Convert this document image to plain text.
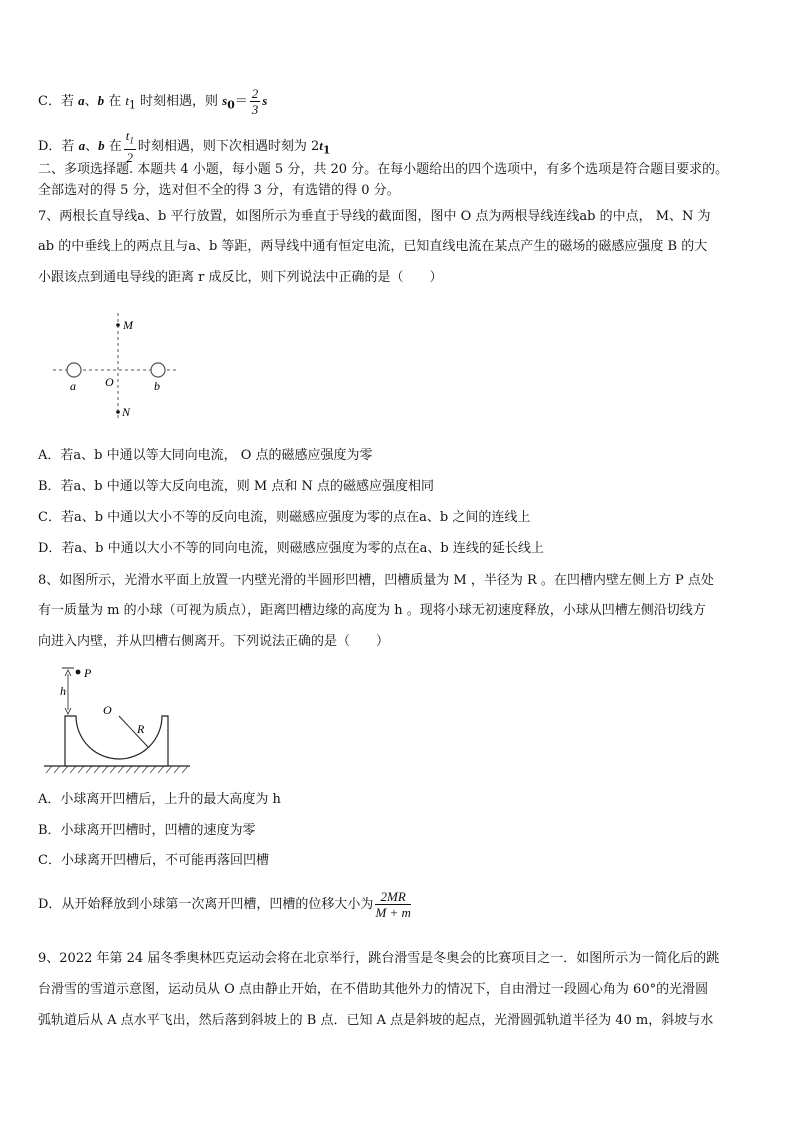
C．若 a、b 在 $t_1$ 时刻相遇，则 $s_0= \frac{2}{3}$ s
D．若 a、b 在 $\frac{t_1}{2}$ 时刻相遇，则下次相遇时刻为 $2t_1$
二、多项选择题. 本题共 4 小题，每小题 5 分，共 20 分。在每小题给出的四个选项中，有多个选项是符合题目要求的。
全部选对的得 5 分，选对但不全的得 3 分，有选错的得 0 分。
7、两根长直导线a、b 平行放置，如图所示为垂直于导线的截面图，图中 O 点为两根导线连线ab 的中点， M、N 为
ab 的中垂线上的两点且与a、b 等距，两导线中通有恒定电流，已知直线电流在某点产生的磁场的磁感应强度 B 的大
小跟该点到通电导线的距离 r 成反比，则下列说法中正确的是（　　）
M
N
O
a	b
A．若a、b 中通以等大同向电流， O 点的磁感应强度为零
B．若a、b 中通以等大反向电流，则 M 点和 N 点的磁感应强度相同
C．若a、b 中通以大小不等的反向电流，则磁感应强度为零的点在a、b 之间的连线上
D．若a、b 中通以大小不等的同向电流，则磁感应强度为零的点在a、b 连线的延长线上
8、如图所示，光滑水平面上放置一内壁光滑的半圆形凹槽，凹槽质量为 M ，半径为 R 。在凹槽内壁左侧上方 P 点处
有一质量为 m 的小球（可视为质点），距离凹槽边缘的高度为 h 。现将小球无初速度释放，小球从凹槽左侧沿切线方
向进入内壁，并从凹槽右侧离开。下列说法正确的是（　　）
P
h
O
R
A．小球离开凹槽后，上升的最大高度为 h
B．小球离开凹槽时，凹槽的速度为零
C．小球离开凹槽后，不可能再落回凹槽
D．从开始释放到小球第一次离开凹槽，凹槽的位移大小为 $\frac{2MR}{M + m}$
9、2022 年第 24 届冬季奥林匹克运动会将在北京举行，跳台滑雪是冬奥会的比赛项目之一．如图所示为一简化后的跳
台滑雪的雪道示意图，运动员从 O 点由静止开始，在不借助其他外力的情况下，自由滑过一段圆心角为 60°的光滑圆
弧轨道后从 A 点水平飞出，然后落到斜坡上的 B 点．已知 A 点是斜坡的起点，光滑圆弧轨道半径为 40 m，斜坡与水
